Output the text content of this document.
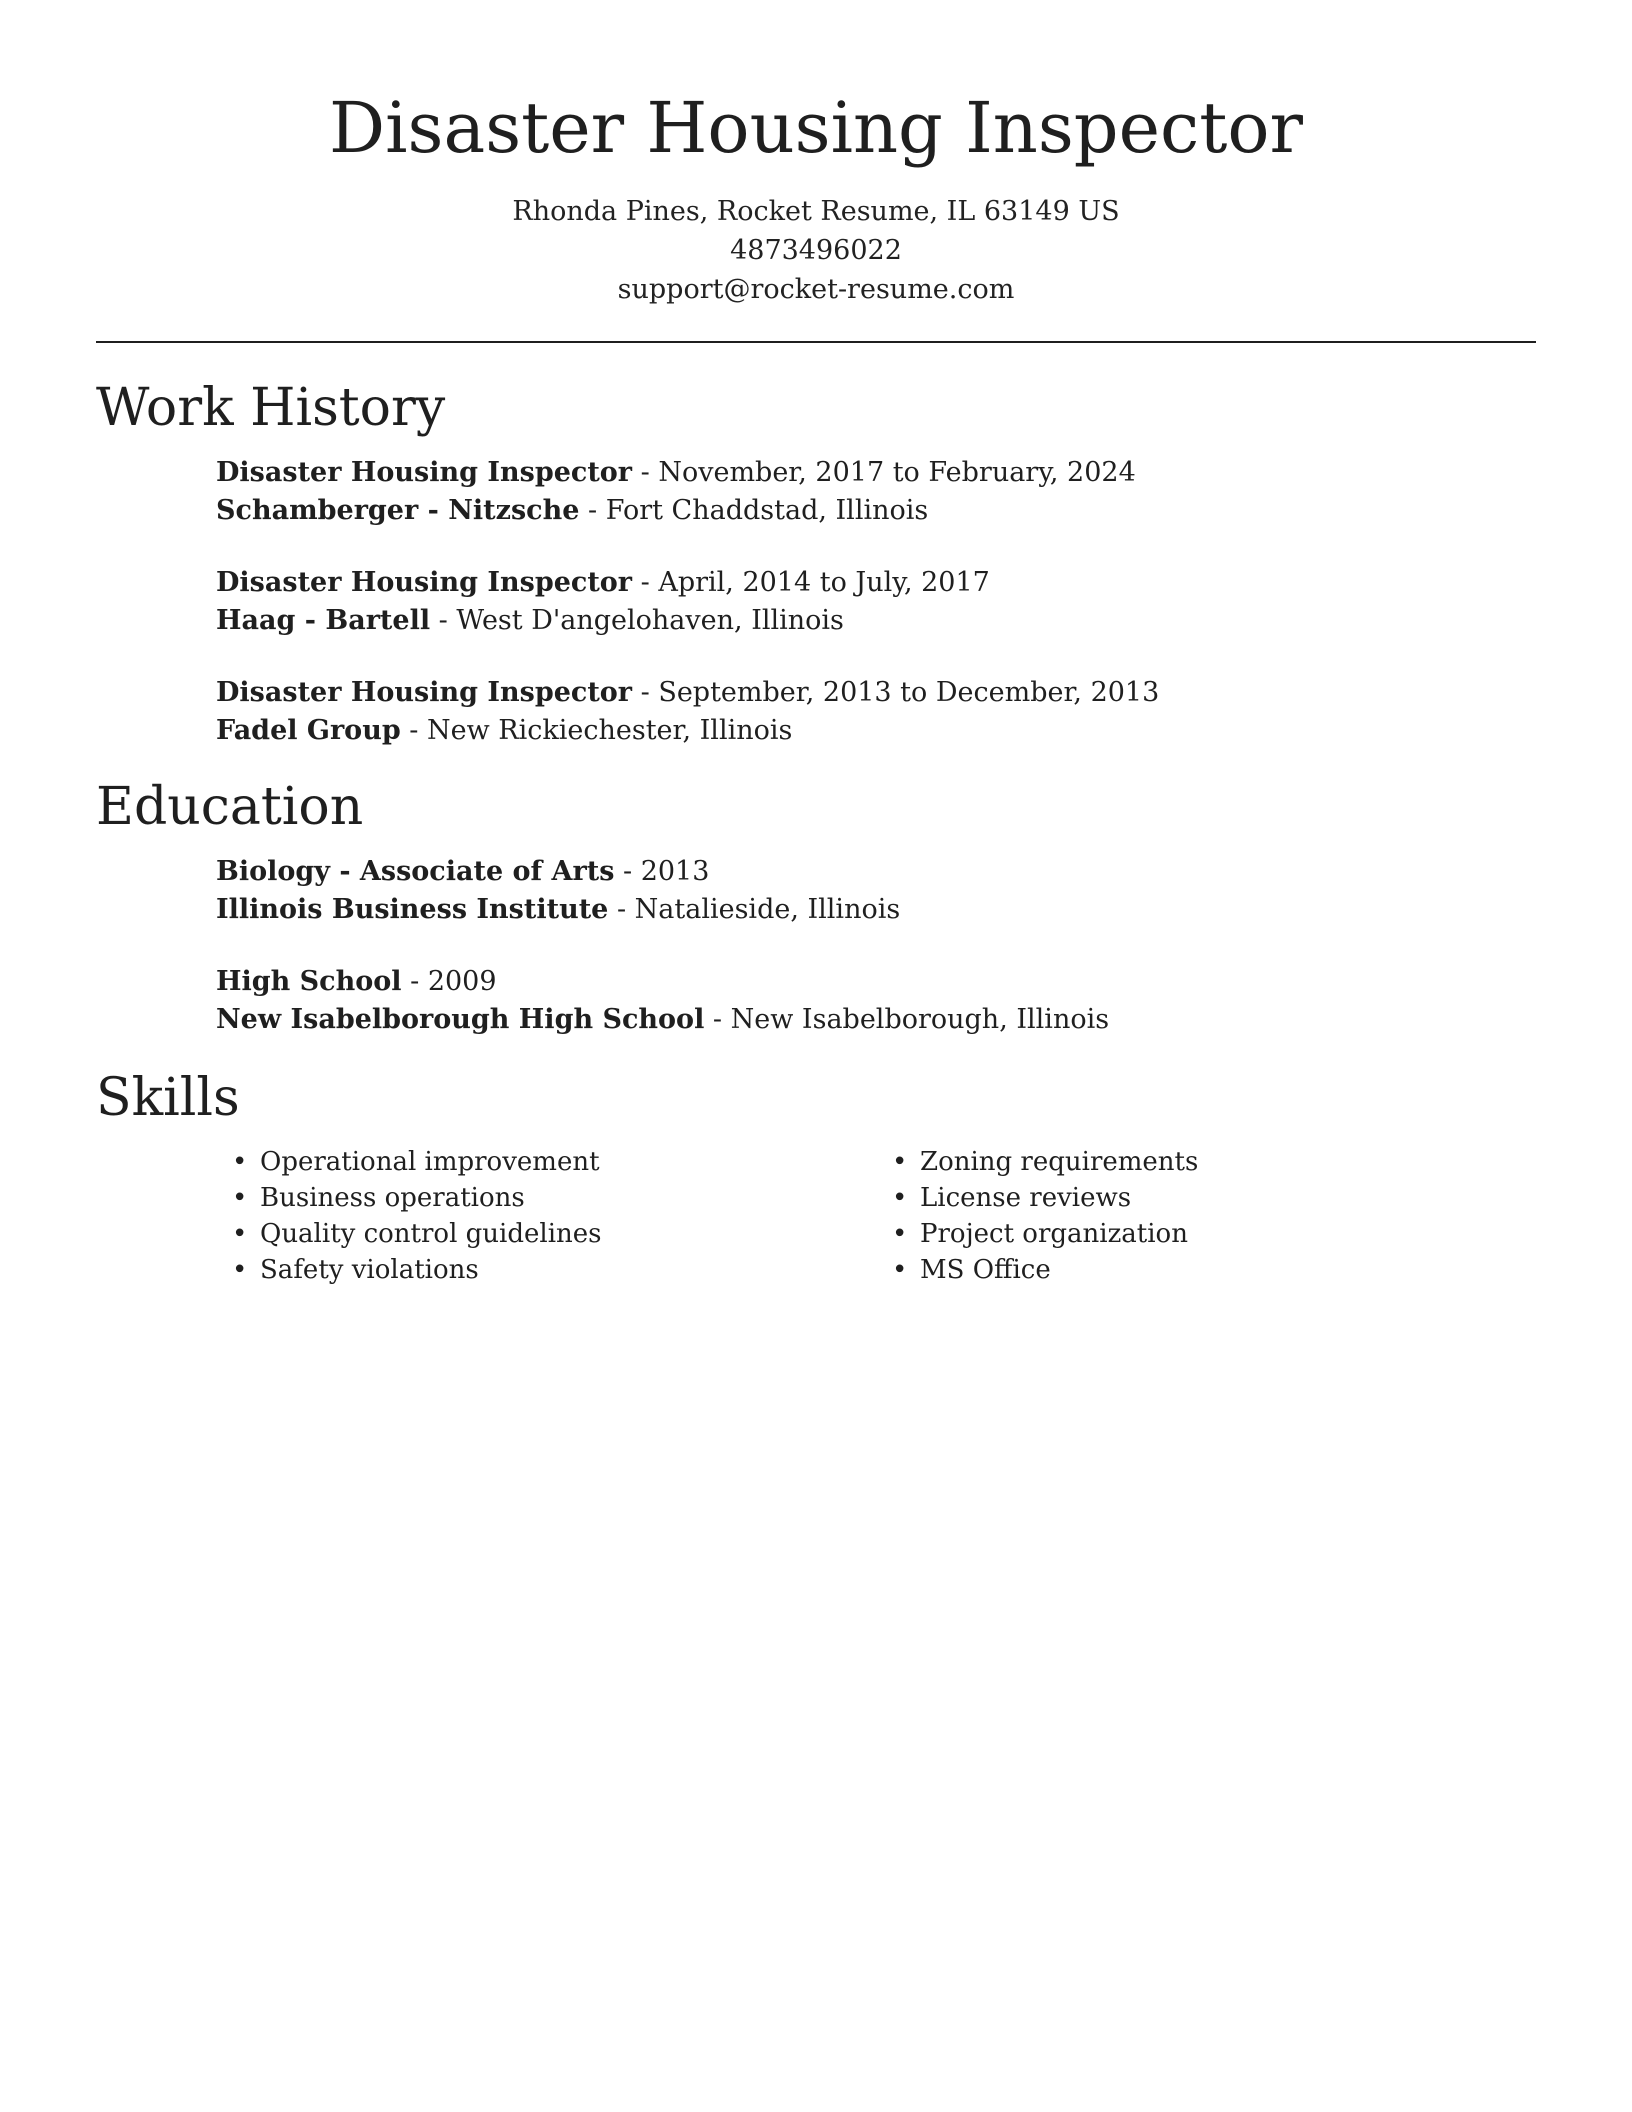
Disaster Housing Inspector
Rhonda Pines, Rocket Resume, IL 63149 US
4873496022
support@rocket-resume.com
Work History
Disaster Housing Inspector - November, 2017 to February, 2024
Schamberger - Nitzsche - Fort Chaddstad, Illinois
Disaster Housing Inspector - April, 2014 to July, 2017
Haag - Bartell - West D'angelohaven, Illinois
Disaster Housing Inspector - September, 2013 to December, 2013
Fadel Group - New Rickiechester, Illinois
Education
Biology - Associate of Arts - 2013
Illinois Business Institute - Natalieside, Illinois
High School - 2009
New Isabelborough High School - New Isabelborough, Illinois
Skills
• Operational improvement
• Business operations
• Quality control guidelines
• Safety violations
• Zoning requirements
• License reviews
• Project organization
• MS Office
